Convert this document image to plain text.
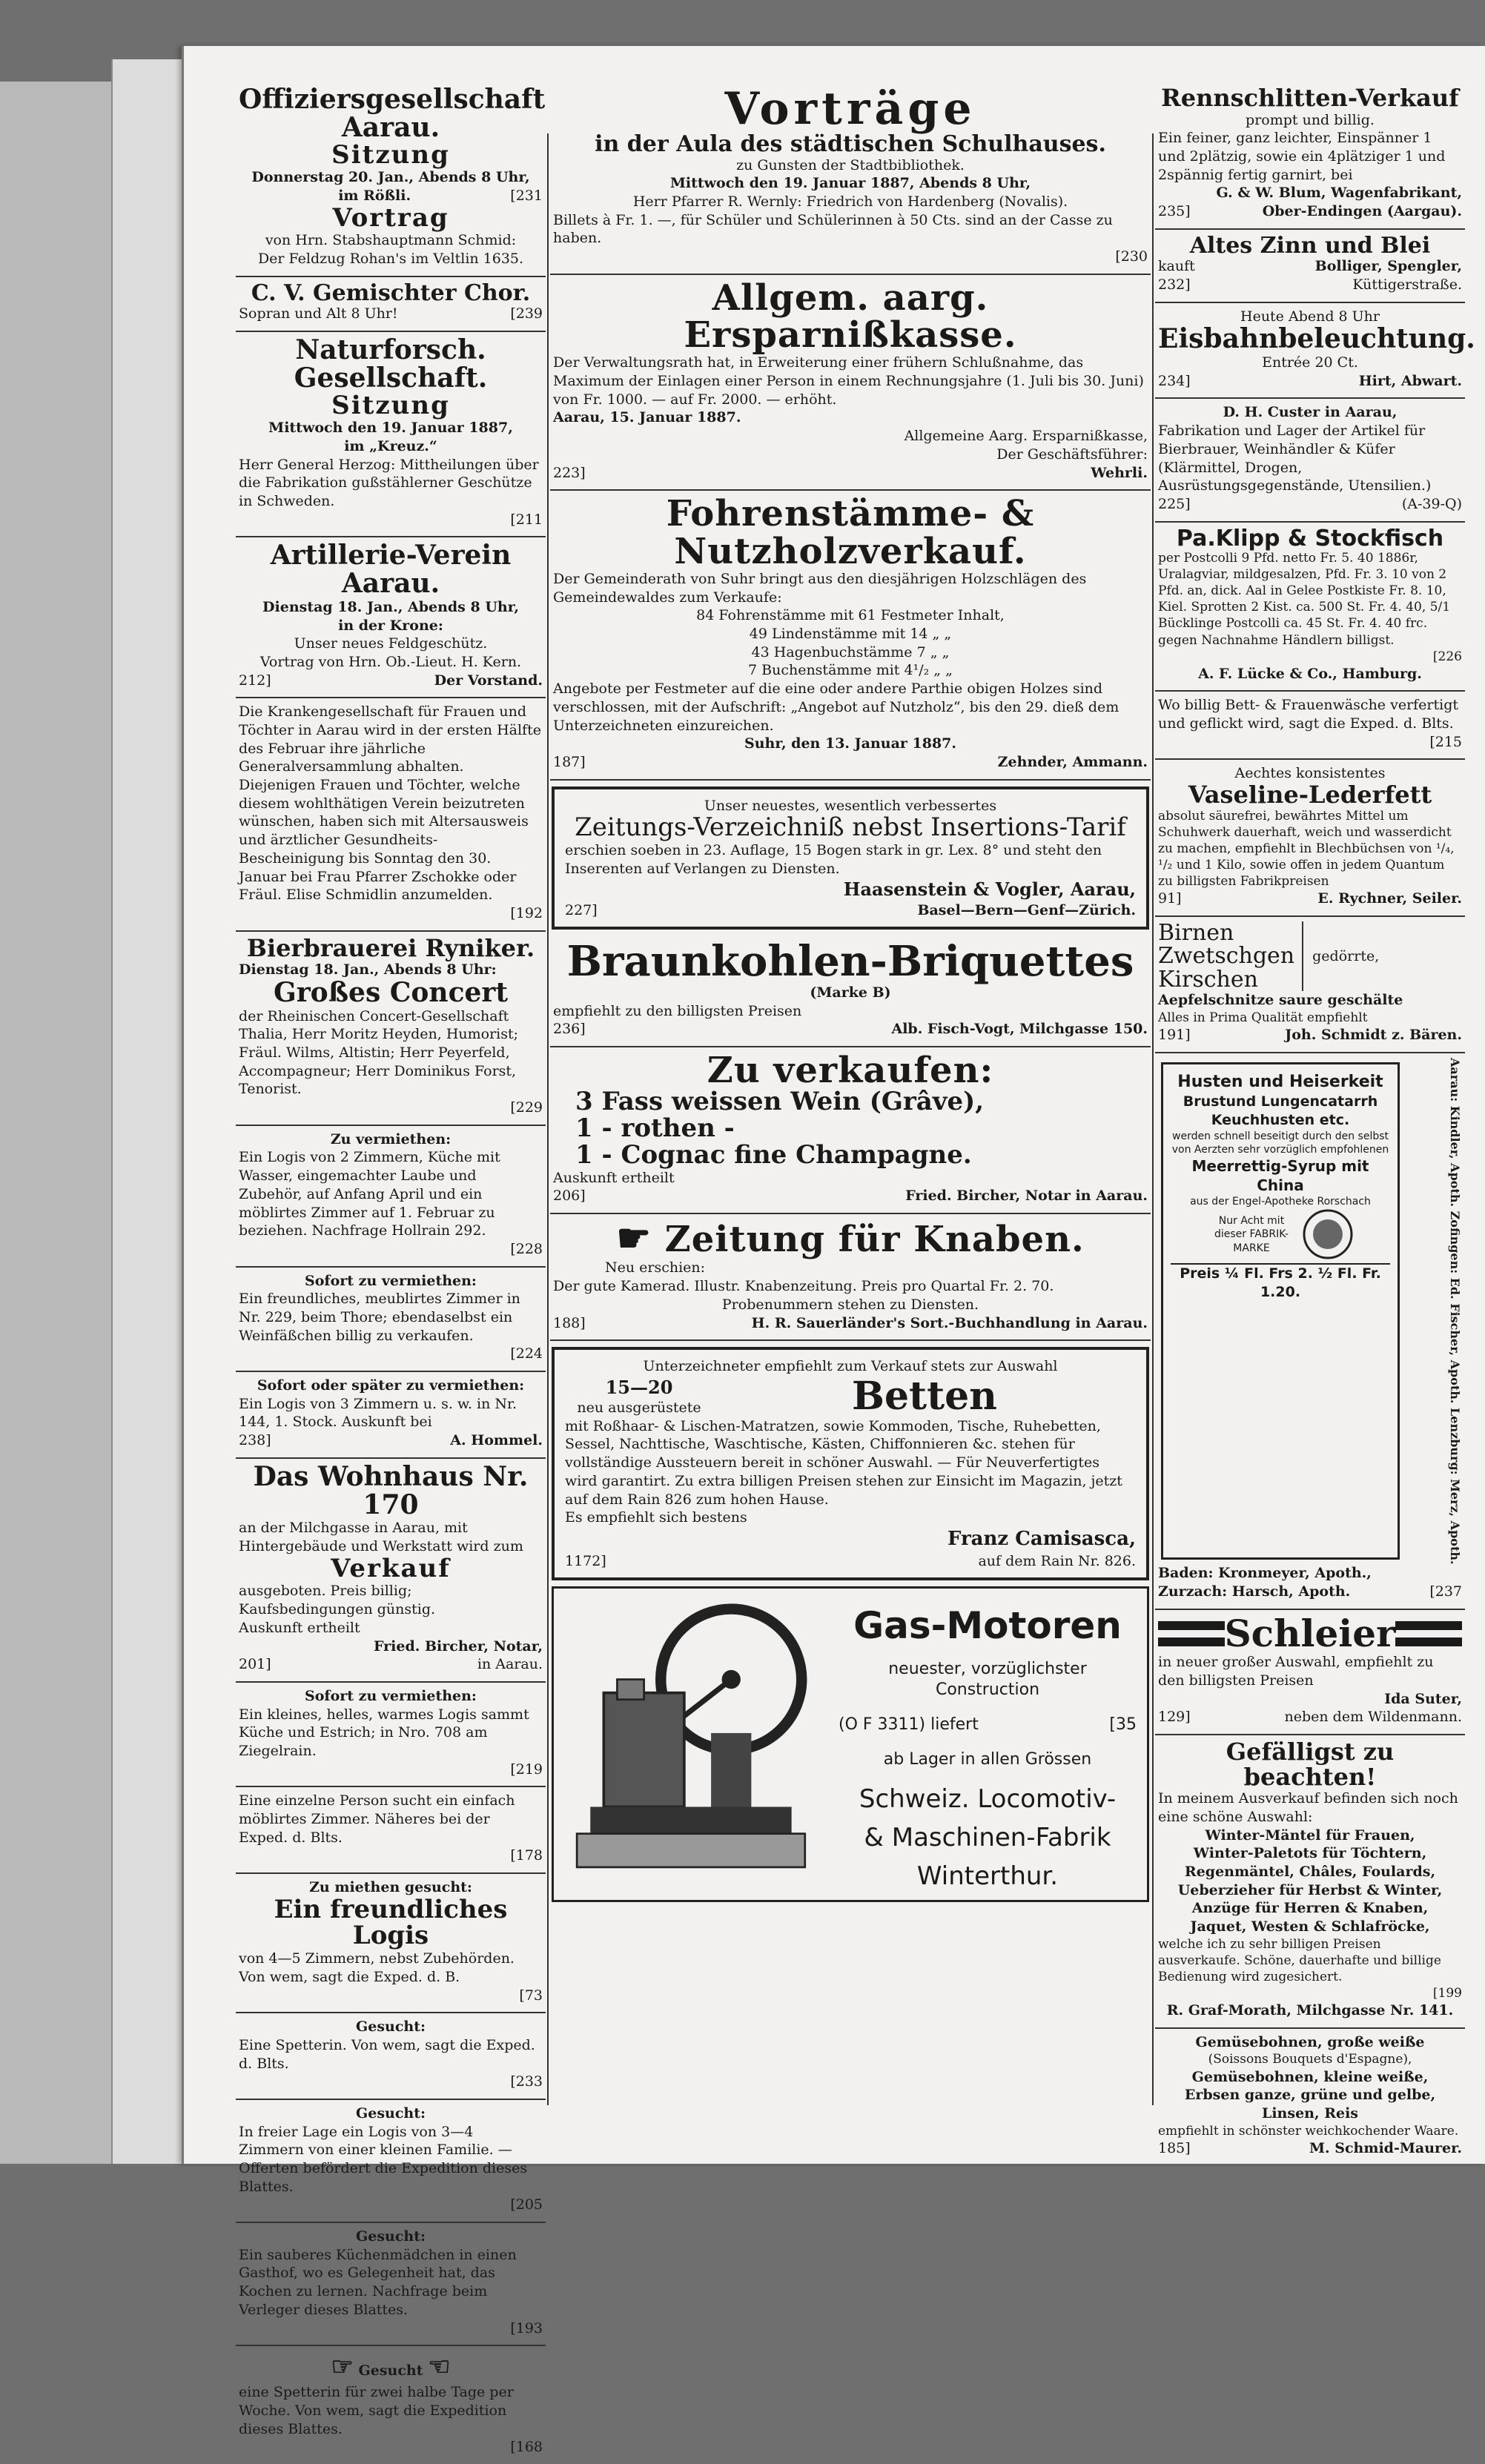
Offiziersgesellschaft Aarau.
Sitzung
Donnerstag 20. Jan., Abends 8 Uhr,
im Rößli.	[231
Vortrag
von Hrn. Stabshauptmann Schmid:
Der Feldzug Rohan's im Veltlin 1635.
C. V. Gemischter Chor.
Sopran und Alt 8 Uhr!	[239
Naturforsch. Gesellschaft.
Sitzung
Mittwoch den 19. Januar 1887,
im „Kreuz.“
Herr General Herzog: Mittheilungen über die Fabrikation gußstählerner Geschütze in Schweden.
[211
Artillerie-Verein Aarau.
Dienstag 18. Jan., Abends 8 Uhr,
in der Krone:
Unser neues Feldgeschütz.
Vortrag von Hrn. Ob.-Lieut. H. Kern.
212]	Der Vorstand.
Die Krankengesellschaft für Frauen und Töchter in Aarau wird in der ersten Hälfte des Februar ihre jährliche Generalversammlung abhalten. Diejenigen Frauen und Töchter, welche diesem wohlthätigen Verein beizutreten wünschen, haben sich mit Altersausweis und ärztlicher Gesundheits-Bescheinigung bis Sonntag den 30. Januar bei Frau Pfarrer Zschokke oder Fräul. Elise Schmidlin anzumelden.
[192
Bierbrauerei Ryniker.
Dienstag 18. Jan., Abends 8 Uhr:
Großes Concert
der Rheinischen Concert-Gesellschaft Thalia, Herr Moritz Heyden, Humorist; Fräul. Wilms, Altistin; Herr Peyerfeld, Accompagneur; Herr Dominikus Forst, Tenorist.
[229
Zu vermiethen:
Ein Logis von 2 Zimmern, Küche mit Wasser, eingemachter Laube und Zubehör, auf Anfang April und ein möblirtes Zimmer auf 1. Februar zu beziehen. Nachfrage Hollrain 292.
[228
Sofort zu vermiethen:
Ein freundliches, meublirtes Zimmer in Nr. 229, beim Thore; ebendaselbst ein Weinfäßchen billig zu verkaufen.
[224
Sofort oder später zu vermiethen:
Ein Logis von 3 Zimmern u. s. w. in Nr. 144, 1. Stock. Auskunft bei
238]	A. Hommel.
Das Wohnhaus Nr. 170
an der Milchgasse in Aarau, mit Hintergebäude und Werkstatt wird zum
Verkauf
ausgeboten. Preis billig; Kaufsbedingungen günstig.
Auskunft ertheilt
Fried. Bircher, Notar,
201]	in Aarau.
Sofort zu vermiethen:
Ein kleines, helles, warmes Logis sammt Küche und Estrich; in Nro. 708 am Ziegelrain.
[219
Eine einzelne Person sucht ein einfach möblirtes Zimmer. Näheres bei der Exped. d. Blts.
[178
Zu miethen gesucht:
Ein freundliches Logis
von 4—5 Zimmern, nebst Zubehörden. Von wem, sagt die Exped. d. B.
[73
Gesucht:
Eine Spetterin. Von wem, sagt die Exped. d. Blts.
[233
Gesucht:
In freier Lage ein Logis von 3—4 Zimmern von einer kleinen Familie. — Offerten befördert die Expedition dieses Blattes.
[205
Gesucht:
Ein sauberes Küchenmädchen in einen Gasthof, wo es Gelegenheit hat, das Kochen zu lernen. Nachfrage beim Verleger dieses Blattes.
[193
☞ Gesucht ☜
eine Spetterin für zwei halbe Tage per Woche. Von wem, sagt die Expedition dieses Blattes.
[168
Vorträge
in der Aula des städtischen Schulhauses.
zu Gunsten der Stadtbibliothek.
Mittwoch den 19. Januar 1887, Abends 8 Uhr,
Herr Pfarrer R. Wernly: Friedrich von Hardenberg (Novalis).
Billets à Fr. 1. —, für Schüler und Schülerinnen à 50 Cts. sind an der Casse zu haben.
[230
Allgem. aarg. Ersparnißkasse.
Der Verwaltungsrath hat, in Erweiterung einer frühern Schlußnahme, das Maximum der Einlagen einer Person in einem Rechnungsjahre (1. Juli bis 30. Juni) von Fr. 1000. — auf Fr. 2000. — erhöht.
Aarau, 15. Januar 1887.
Allgemeine Aarg. Ersparnißkasse,
Der Geschäftsführer:
223]	Wehrli.
Fohrenstämme- & Nutzholzverkauf.
Der Gemeinderath von Suhr bringt aus den diesjährigen Holzschlägen des Gemeindewaldes zum Verkaufe:
84 Fohrenstämme mit 61 Festmeter Inhalt,
49 Lindenstämme mit 14 „ „
43 Hagenbuchstämme 7 „ „
7 Buchenstämme mit 4¹/₂ „ „
Angebote per Festmeter auf die eine oder andere Parthie obigen Holzes sind verschlossen, mit der Aufschrift: „Angebot auf Nutzholz“, bis den 29. dieß dem Unterzeichneten einzureichen.
Suhr, den 13. Januar 1887.
187]	Zehnder, Ammann.
Unser neuestes, wesentlich verbessertes
Zeitungs-Verzeichniß nebst Insertions-Tarif
erschien soeben in 23. Auflage, 15 Bogen stark in gr. Lex. 8° und steht den Inserenten auf Verlangen zu Diensten.
Haasenstein & Vogler, Aarau,
227]	Basel—Bern—Genf—Zürich.
Braunkohlen-Briquettes
(Marke B)
empfiehlt zu den billigsten Preisen
236]	Alb. Fisch-Vogt, Milchgasse 150.
Zu verkaufen:
3 Fass weissen Wein (Grâve),
1 - rothen -
1 - Cognac fine Champagne.
Auskunft ertheilt
206]	Fried. Bircher, Notar in Aarau.
☛ Zeitung für Knaben.
Neu erschien:
Der gute Kamerad. Illustr. Knabenzeitung. Preis pro Quartal Fr. 2. 70.
Probenummern stehen zu Diensten.
188]	H. R. Sauerländer's Sort.-Buchhandlung in Aarau.
Unterzeichneter empfiehlt zum Verkauf stets zur Auswahl
15—20
neu ausgerüstete	Betten
mit Roßhaar- & Lischen-Matratzen, sowie Kommoden, Tische, Ruhebetten, Sessel, Nachttische, Waschtische, Kästen, Chiffonnieren &c. stehen für vollständige Aussteuern bereit in schöner Auswahl. — Für Neuverfertigtes wird garantirt. Zu extra billigen Preisen stehen zur Einsicht im Magazin, jetzt auf dem Rain 826 zum hohen Hause.
Es empfiehlt sich bestens
Franz Camisasca,
1172]	auf dem Rain Nr. 826.
Gas-Motoren
neuester, vorzüglichster Construction
(O F 3311) liefert	[35
ab Lager in allen Grössen
Schweiz. Locomotiv-
& Maschinen-Fabrik
Winterthur.
Rennschlitten-Verkauf
prompt und billig.
Ein feiner, ganz leichter, Einspänner 1 und 2plätzig, sowie ein 4plätziger 1 und 2spännig fertig garnirt, bei
G. & W. Blum, Wagenfabrikant,
235]	Ober-Endingen (Aargau).
Altes Zinn und Blei
kauft	Bolliger, Spengler,
232]	Küttigerstraße.
Heute Abend 8 Uhr
Eisbahnbeleuchtung.
Entrée 20 Ct.
234]	Hirt, Abwart.
D. H. Custer in Aarau,
Fabrikation und Lager der Artikel für Bierbrauer, Weinhändler & Küfer (Klärmittel, Drogen, Ausrüstungsgegenstände, Utensilien.)
225]	(A-39-Q)
Pa.Klipp & Stockfisch
per Postcolli 9 Pfd. netto Fr. 5. 40 1886r, Uralagviar, mildgesalzen, Pfd. Fr. 3. 10 von 2 Pfd. an, dick. Aal in Gelee Postkiste Fr. 8. 10, Kiel. Sprotten 2 Kist. ca. 500 St. Fr. 4. 40, 5/1 Bücklinge Postcolli ca. 45 St. Fr. 4. 40 frc. gegen Nachnahme Händlern billigst.
[226
A. F. Lücke & Co., Hamburg.
Wo billig Bett- & Frauenwäsche verfertigt und geflickt wird, sagt die Exped. d. Blts.
[215
Aechtes konsistentes
Vaseline-Lederfett
absolut säurefrei, bewährtes Mittel um Schuhwerk dauerhaft, weich und wasserdicht zu machen, empfiehlt in Blechbüchsen von ¹/₄, ¹/₂ und 1 Kilo, sowie offen in jedem Quantum zu billigsten Fabrikpreisen
91]	E. Rychner, Seiler.
Birnen
Zwetschgen
Kirschen
gedörrte,
Aepfelschnitze saure geschälte
Alles in Prima Qualität empfiehlt
191]	Joh. Schmidt z. Bären.
Husten und Heiserkeit
Brustund Lungencatarrh
Keuchhusten etc.
werden schnell beseitigt durch den selbst von Aerzten sehr vorzüglich empfohlenen
Meerrettig-Syrup mit China
aus der Engel-Apotheke Rorschach
Nur Acht mit dieser FABRIK-MARKE
Preis ¼ Fl. Frs 2. ½ Fl. Fr. 1.20.	Aarau: Kindler, Apoth. Zofingen: Ed. Fischer, Apoth. Lenzburg: Merz, Apoth.
Baden: Kronmeyer, Apoth.,
Zurzach: Harsch, Apoth.	[237
Schleier
in neuer großer Auswahl, empfiehlt zu den billigsten Preisen
Ida Suter,
129]	neben dem Wildenmann.
Gefälligst zu beachten!
In meinem Ausverkauf befinden sich noch eine schöne Auswahl:
Winter-Mäntel für Frauen,
Winter-Paletots für Töchtern,
Regenmäntel, Châles, Foulards,
Ueberzieher für Herbst & Winter,
Anzüge für Herren & Knaben,
Jaquet, Westen & Schlafröcke,
welche ich zu sehr billigen Preisen ausverkaufe. Schöne, dauerhafte und billige Bedienung wird zugesichert.
[199
R. Graf-Morath, Milchgasse Nr. 141.
Gemüsebohnen, große weiße
(Soissons Bouquets d'Espagne),
Gemüsebohnen, kleine weiße,
Erbsen ganze, grüne und gelbe,
Linsen, Reis
empfiehlt in schönster weichkochender Waare.
185]	M. Schmid-Maurer.
